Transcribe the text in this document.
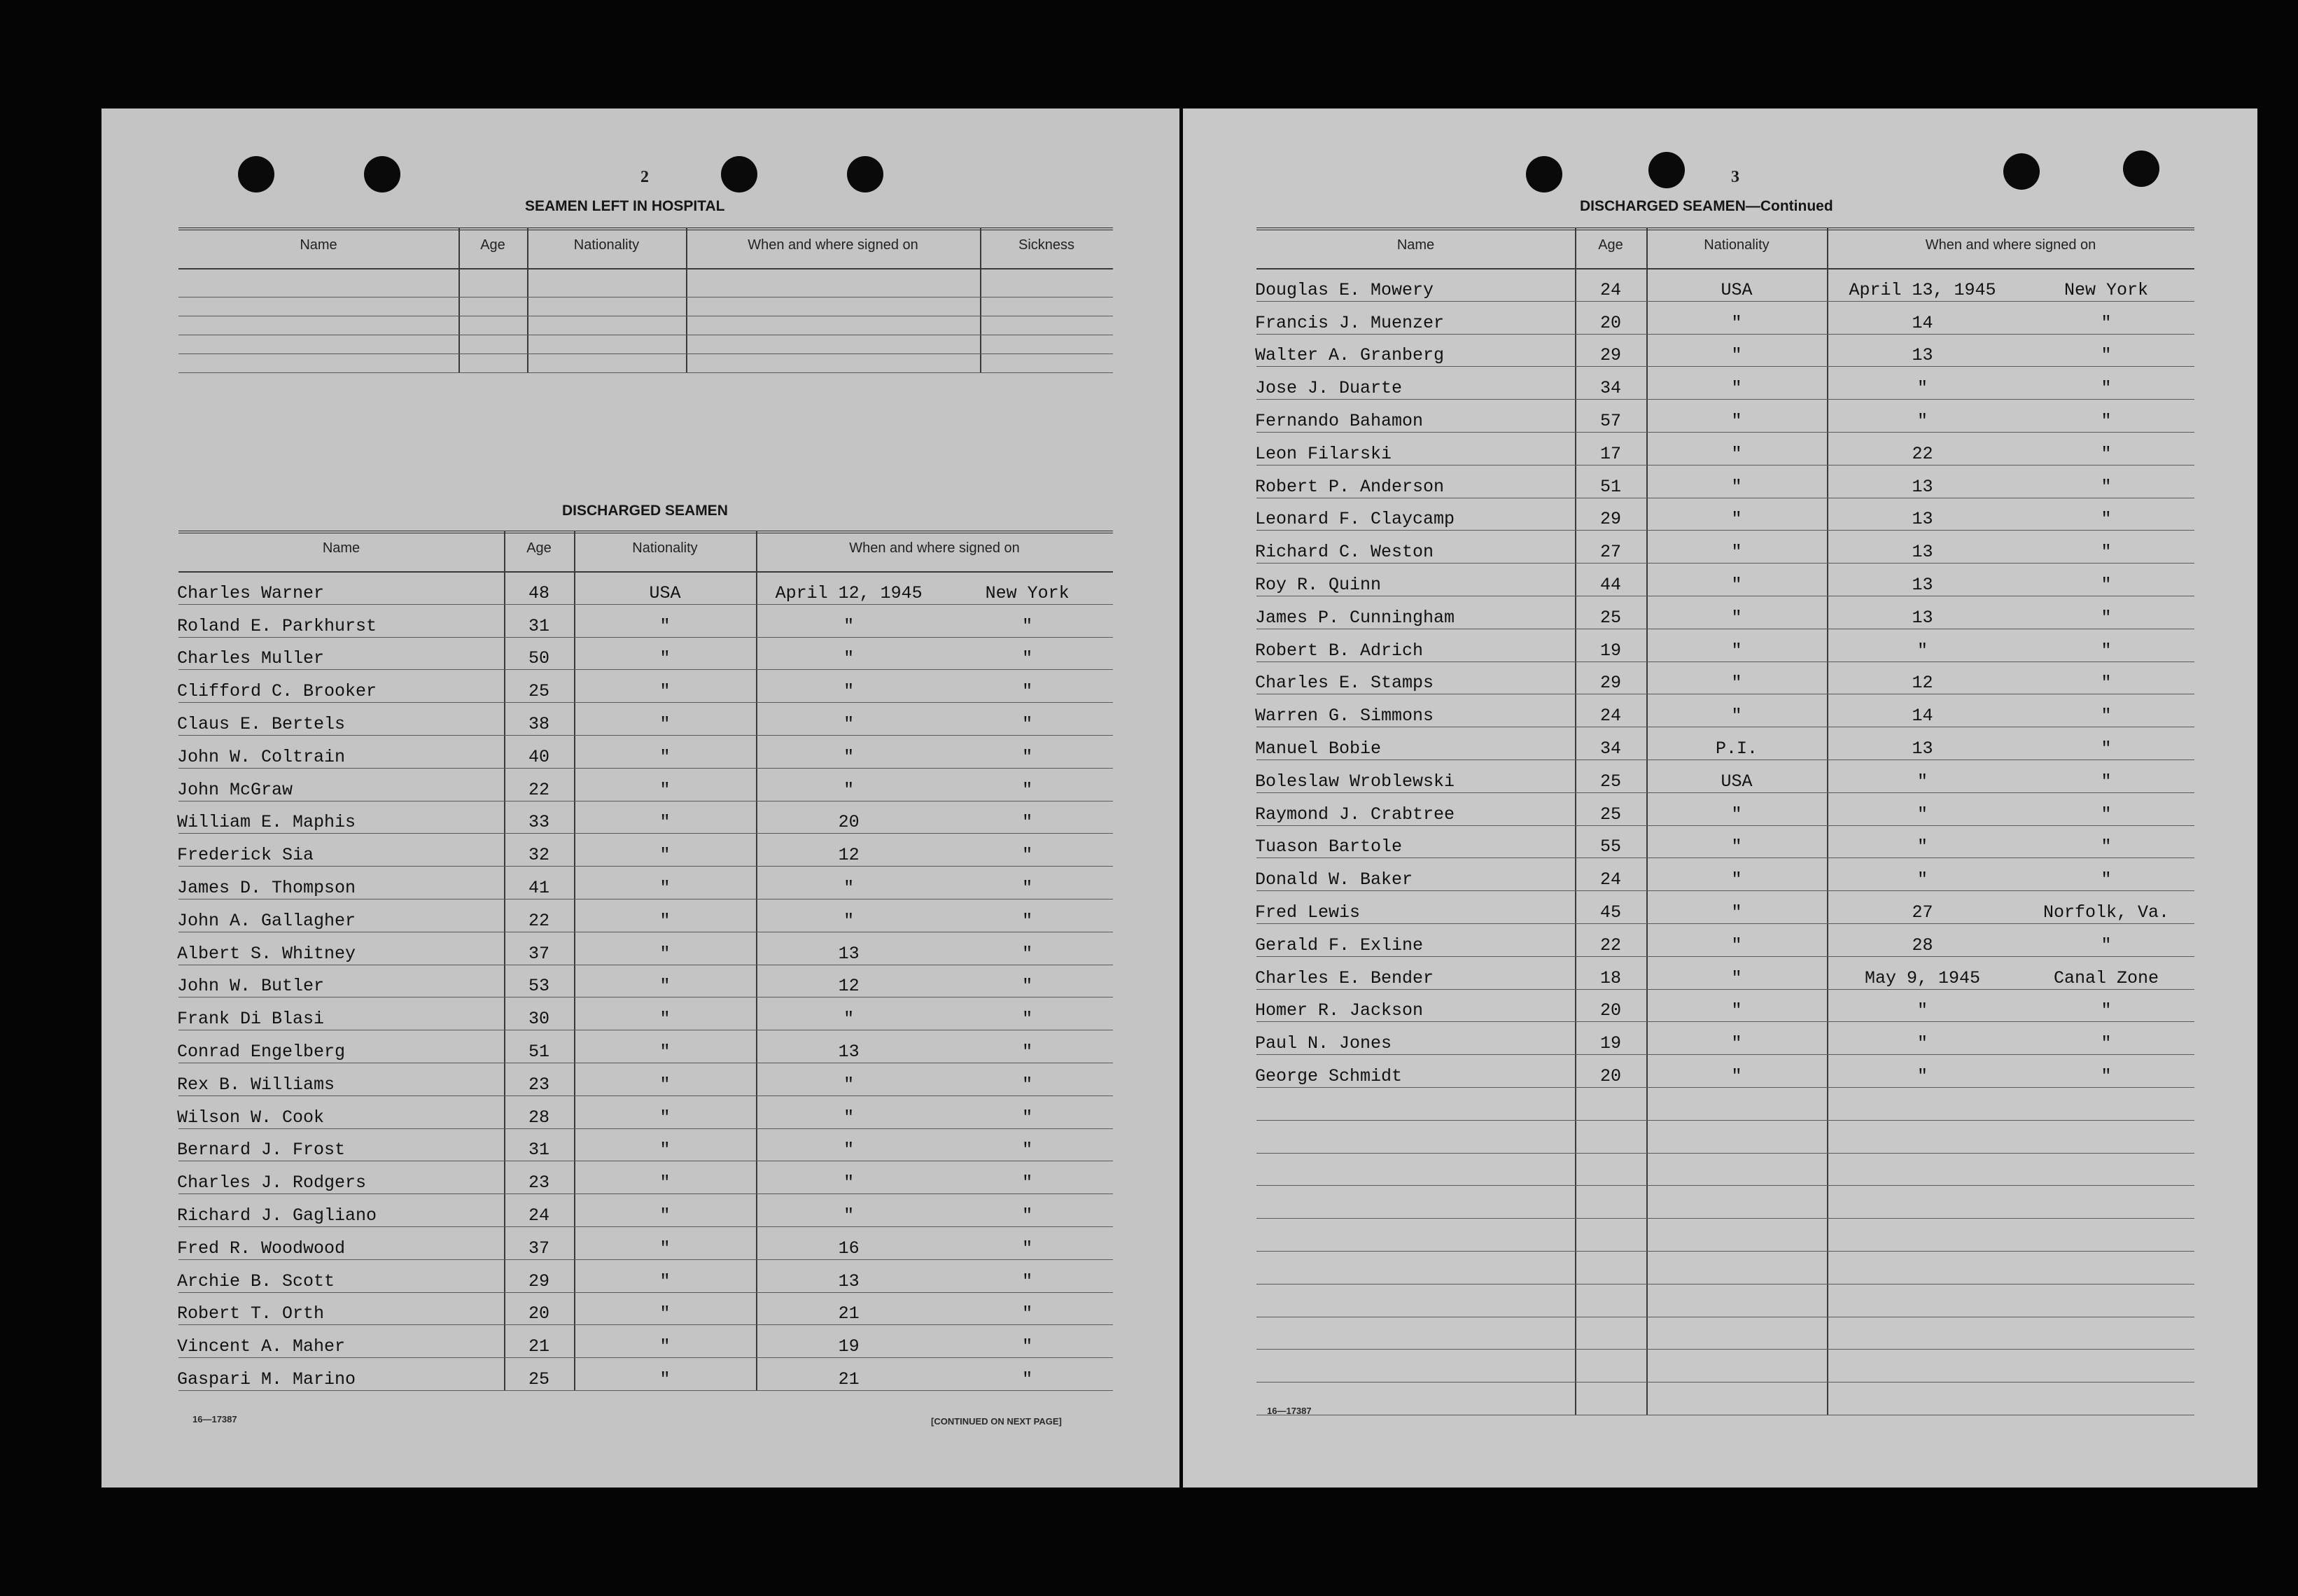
2
SEAMEN LEFT IN HOSPITAL
Name	Age	Nationality	When and where signed on	Sickness
DISCHARGED SEAMEN
Name	Age	Nationality	When and where signed on
Charles Warner	48	USA	April 12, 1945	New York
Roland E. Parkhurst	31	"	"	"
Charles Muller	50	"	"	"
Clifford C. Brooker	25	"	"	"
Claus E. Bertels	38	"	"	"
John W. Coltrain	40	"	"	"
John McGraw	22	"	"	"
William E. Maphis	33	"	20	"
Frederick Sia	32	"	12	"
James D. Thompson	41	"	"	"
John A. Gallagher	22	"	"	"
Albert S. Whitney	37	"	13	"
John W. Butler	53	"	12	"
Frank Di Blasi	30	"	"	"
Conrad Engelberg	51	"	13	"
Rex B. Williams	23	"	"	"
Wilson W. Cook	28	"	"	"
Bernard J. Frost	31	"	"	"
Charles J. Rodgers	23	"	"	"
Richard J. Gagliano	24	"	"	"
Fred R. Woodwood	37	"	16	"
Archie B. Scott	29	"	13	"
Robert T. Orth	20	"	21	"
Vincent A. Maher	21	"	19	"
Gaspari M. Marino	25	"	21	"
16—17387	[CONTINUED ON NEXT PAGE]
3
DISCHARGED SEAMEN—Continued
Name	Age	Nationality	When and where signed on
Douglas E. Mowery	24	USA	April 13, 1945	New York
Francis J. Muenzer	20	"	14	"
Walter A. Granberg	29	"	13	"
Jose J. Duarte	34	"	"	"
Fernando Bahamon	57	"	"	"
Leon Filarski	17	"	22	"
Robert P. Anderson	51	"	13	"
Leonard F. Claycamp	29	"	13	"
Richard C. Weston	27	"	13	"
Roy R. Quinn	44	"	13	"
James P. Cunningham	25	"	13	"
Robert B. Adrich	19	"	"	"
Charles E. Stamps	29	"	12	"
Warren G. Simmons	24	"	14	"
Manuel Bobie	34	P.I.	13	"
Boleslaw Wroblewski	25	USA	"	"
Raymond J. Crabtree	25	"	"	"
Tuason Bartole	55	"	"	"
Donald W. Baker	24	"	"	"
Fred Lewis	45	"	27	Norfolk, Va.
Gerald F. Exline	22	"	28	"
Charles E. Bender	18	"	May 9, 1945	Canal Zone
Homer R. Jackson	20	"	"	"
Paul N. Jones	19	"	"	"
George Schmidt	20	"	"	"
16—17387
